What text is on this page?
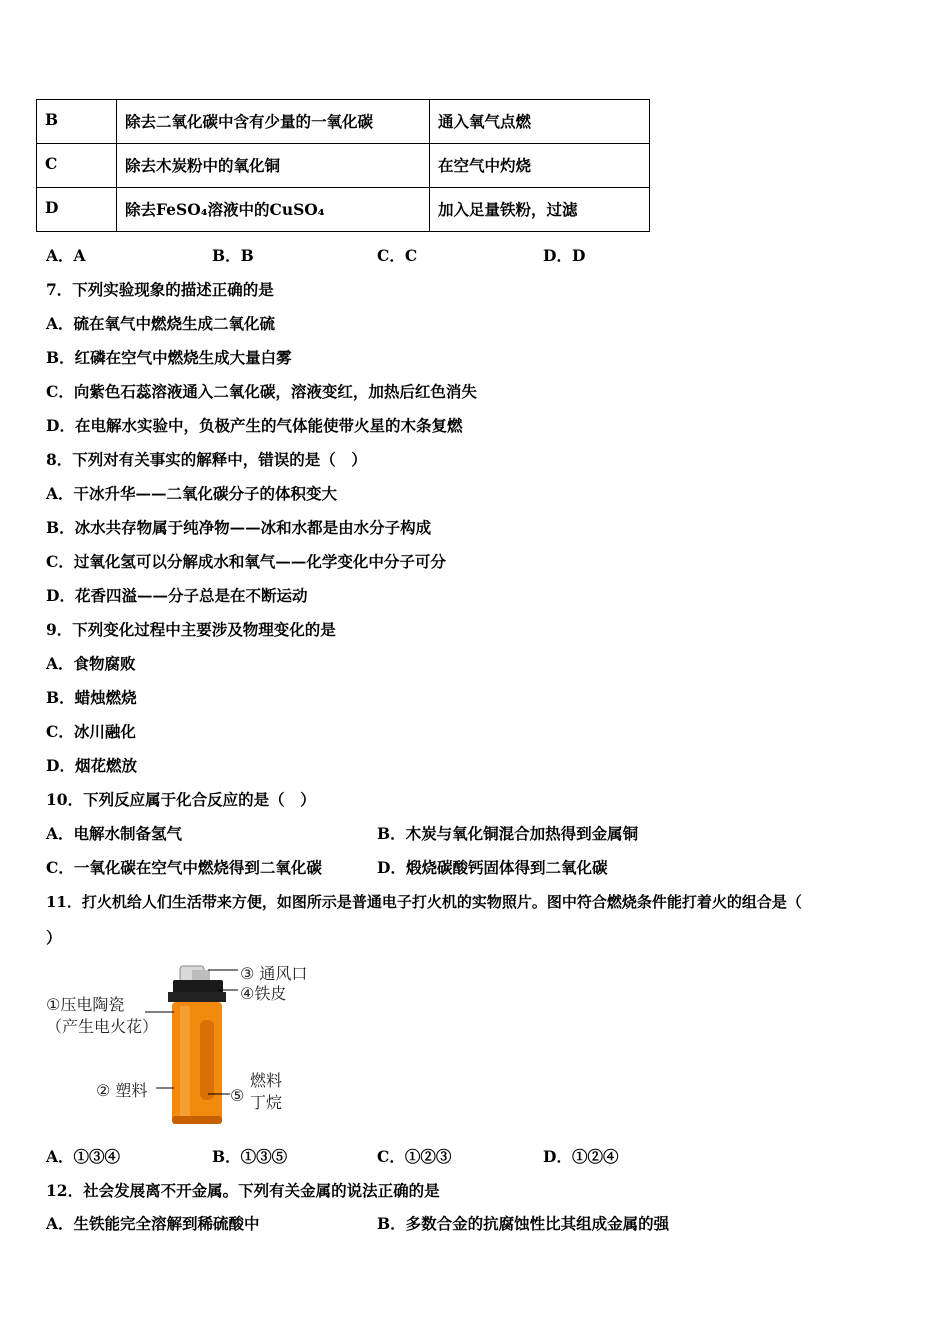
B	除去二氧化碳中含有少量的一氧化碳	通入氧气点燃
C	除去木炭粉中的氧化铜	在空气中灼烧
D	除去FeSO₄溶液中的CuSO₄	加入足量铁粉，过滤
A．A	B．B	C．C	D．D
7．下列实验现象的描述正确的是
A．硫在氧气中燃烧生成二氧化硫
B．红磷在空气中燃烧生成大量白雾
C．向紫色石蕊溶液通入二氧化碳，溶液变红，加热后红色消失
D．在电解水实验中，负极产生的气体能使带火星的木条复燃
8．下列对有关事实的解释中，错误的是（　）
A．干冰升华——二氧化碳分子的体积变大
B．冰水共存物属于纯净物——冰和水都是由水分子构成
C．过氧化氢可以分解成水和氧气——化学变化中分子可分
D．花香四溢——分子总是在不断运动
9．下列变化过程中主要涉及物理变化的是
A．食物腐败
B．蜡烛燃烧
C．冰川融化
D．烟花燃放
10．下列反应属于化合反应的是（　）
A．电解水制备氢气	B．木炭与氧化铜混合加热得到金属铜
C．一氧化碳在空气中燃烧得到二氧化碳	D．煅烧碳酸钙固体得到二氧化碳
11．打火机给人们生活带来方便，如图所示是普通电子打火机的实物照片。图中符合燃烧条件能打着火的组合是（
）
③ 通风口
④铁皮
①压电陶瓷
（产生电火花）
② 塑料
燃料
⑤ 丁烷
A．①③④	B．①③⑤	C．①②③	D．①②④
12．社会发展离不开金属。下列有关金属的说法正确的是
A．生铁能完全溶解到稀硫酸中	B．多数合金的抗腐蚀性比其组成金属的强
